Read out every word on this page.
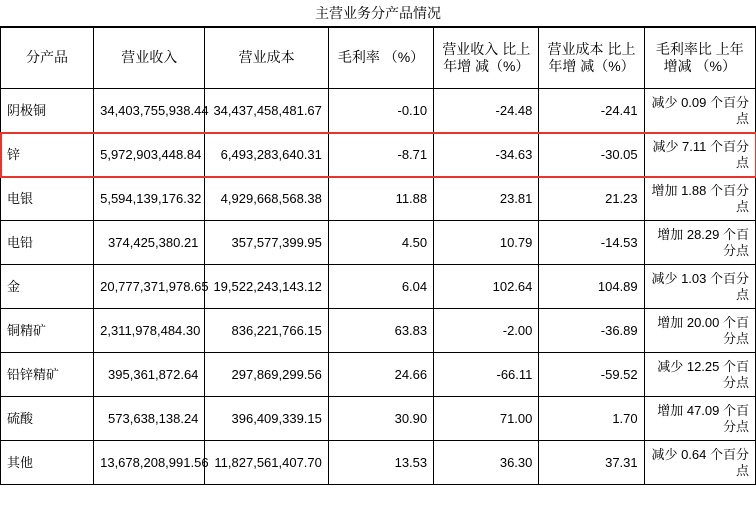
主营业务分产品情况
分产品	营业收入	营业成本	毛利率 （%）	营业收入 比上年增 减（%）	营业成本 比上年增 减（%）	毛利率比 上年增减 （%）
阴极铜	34,403,755,938.44	34,437,458,481.67	-0.10	-24.48	-24.41	减少 0.09 个百分点
锌	5,972,903,448.84	6,493,283,640.31	-8.71	-34.63	-30.05	减少 7.11 个百分点
电银	5,594,139,176.32	4,929,668,568.38	11.88	23.81	21.23	增加 1.88 个百分点
电铅	374,425,380.21	357,577,399.95	4.50	10.79	-14.53	增加 28.29 个百分点
金	20,777,371,978.65	19,522,243,143.12	6.04	102.64	104.89	减少 1.03 个百分点
铜精矿	2,311,978,484.30	836,221,766.15	63.83	-2.00	-36.89	增加 20.00 个百分点
铅锌精矿	395,361,872.64	297,869,299.56	24.66	-66.11	-59.52	减少 12.25 个百分点
硫酸	573,638,138.24	396,409,339.15	30.90	71.00	1.70	增加 47.09 个百分点
其他	13,678,208,991.56	11,827,561,407.70	13.53	36.30	37.31	减少 0.64 个百分点
